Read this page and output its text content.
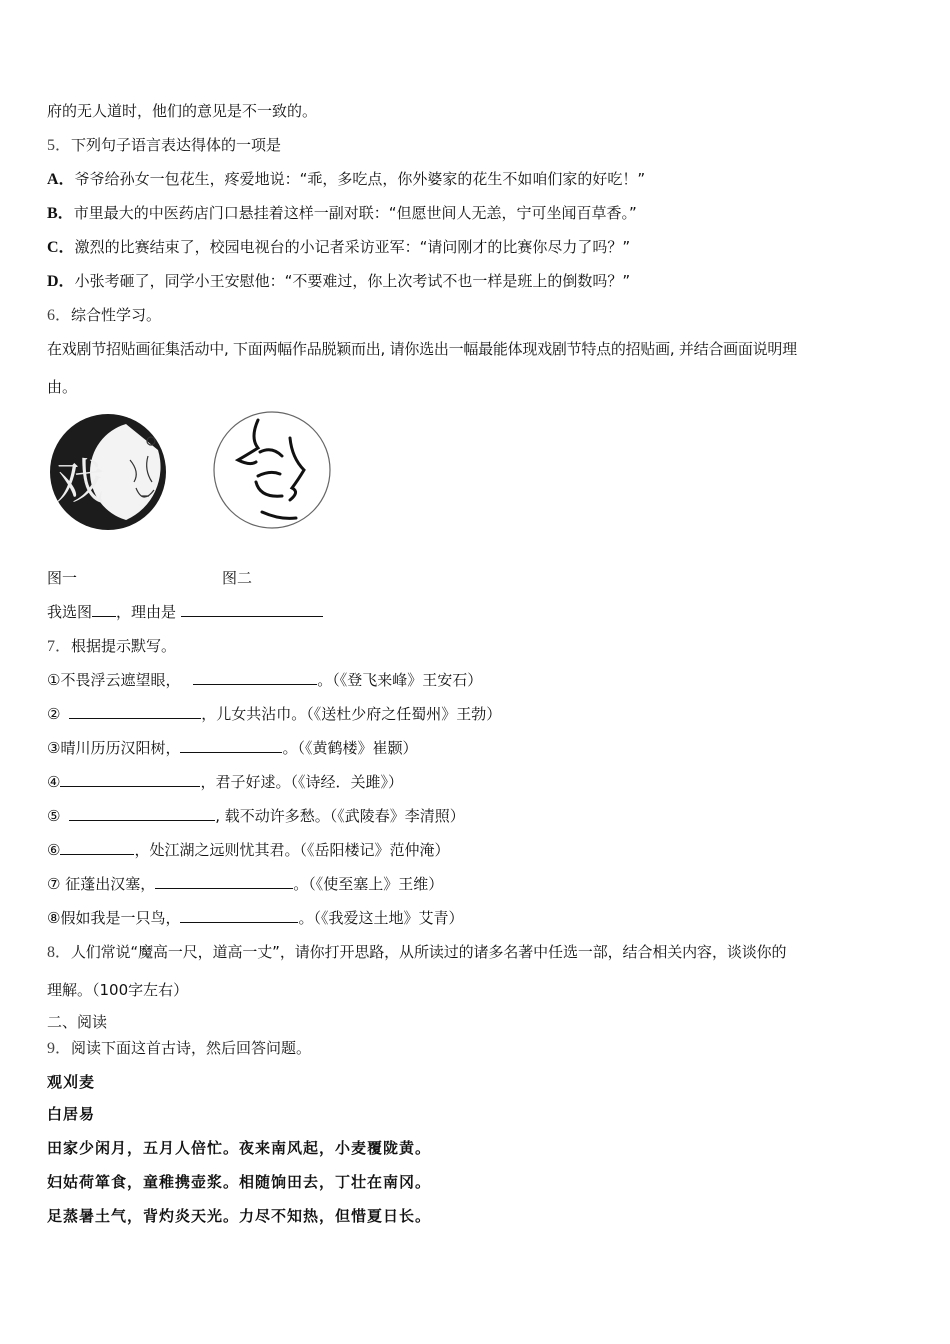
府的无人道时，他们的意见是不一致的。
5．下列句子语言表达得体的一项是
A．爷爷给孙女一包花生，疼爱地说：“乖，多吃点，你外婆家的花生不如咱们家的好吃！”
B．市里最大的中医药店门口悬挂着这样一副对联：“但愿世间人无恙，宁可坐闻百草香。”
C．激烈的比赛结束了，校园电视台的小记者采访亚军：“请问刚才的比赛你尽力了吗？”
D．小张考砸了，同学小王安慰他：“不要难过，你上次考试不也一样是班上的倒数吗？”
6．综合性学习。
在戏剧节招贴画征集活动中, 下面两幅作品脱颖而出, 请你选出一幅最能体现戏剧节特点的招贴画, 并结合画面说明理
由。
戏
图一	图二
我选图 ，理由是
7．根据提示默写。
①不畏浮云遮望眼，	。（《登飞来峰》王安石）
②	，儿女共沾巾。（《送杜少府之任蜀州》王勃）
③晴川历历汉阳树，	。（《黄鹤楼》崔颢）
④	，君子好逑。（《诗经．关雎》）
⑤	, 载不动许多愁。（《武陵春》李清照）
⑥	，处江湖之远则忧其君。（《岳阳楼记》范仲淹）
⑦ 征蓬出汉塞，	。（《使至塞上》王维）
⑧假如我是一只鸟，	。（《我爱这土地》艾青）
8．人们常说“魔高一尺，道高一丈”，请你打开思路，从所读过的诸多名著中任选一部，结合相关内容，谈谈你的
理解。（100字左右）
二、阅读
9．阅读下面这首古诗，然后回答问题。
观刈麦
白居易
田家少闲月，五月人倍忙。夜来南风起，小麦覆陇黄。
妇姑荷箪食，童稚携壶浆。相随饷田去，丁壮在南冈。
足蒸暑土气，背灼炎天光。力尽不知热，但惜夏日长。
